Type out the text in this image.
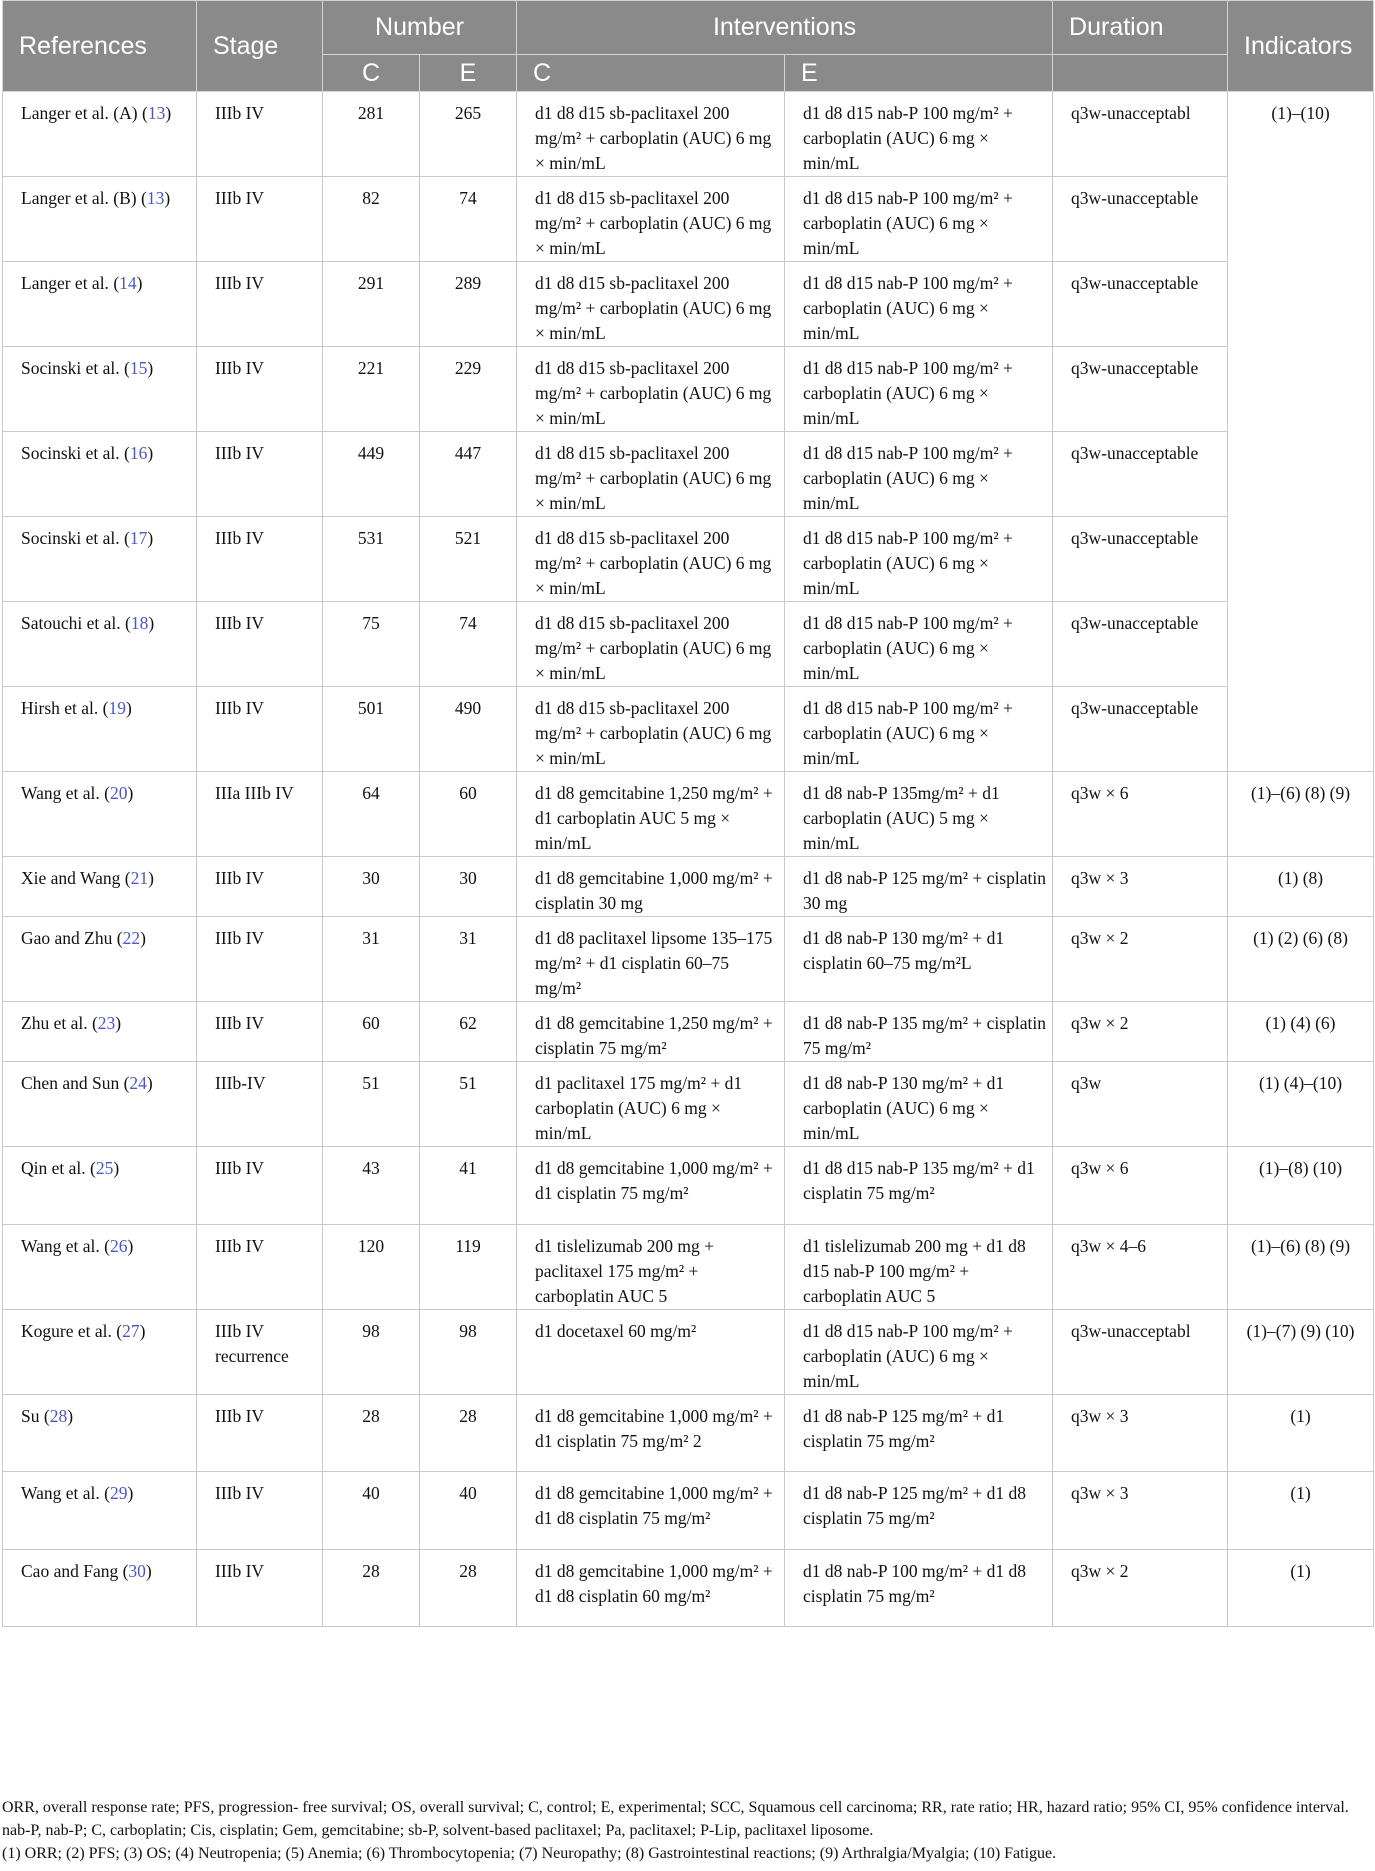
References	Stage	Number		Interventions		Duration	Indicators
		C	E	C	E		
Langer et al. (A) (13)	IIIb IV	281	265	d1 d8 d15 sb-paclitaxel 200 mg/m² + carboplatin (AUC) 6 mg × min/mL	d1 d8 d15 nab-P 100 mg/m² + carboplatin (AUC) 6 mg × min/mL	q3w-unacceptabl	(1)–(10)
Langer et al. (B) (13)	IIIb IV	82	74	d1 d8 d15 sb-paclitaxel 200 mg/m² + carboplatin (AUC) 6 mg × min/mL	d1 d8 d15 nab-P 100 mg/m² + carboplatin (AUC) 6 mg × min/mL	q3w-unacceptable	
Langer et al. (14)	IIIb IV	291	289	d1 d8 d15 sb-paclitaxel 200 mg/m² + carboplatin (AUC) 6 mg × min/mL	d1 d8 d15 nab-P 100 mg/m² + carboplatin (AUC) 6 mg × min/mL	q3w-unacceptable	
Socinski et al. (15)	IIIb IV	221	229	d1 d8 d15 sb-paclitaxel 200 mg/m² + carboplatin (AUC) 6 mg × min/mL	d1 d8 d15 nab-P 100 mg/m² + carboplatin (AUC) 6 mg × min/mL	q3w-unacceptable	
Socinski et al. (16)	IIIb IV	449	447	d1 d8 d15 sb-paclitaxel 200 mg/m² + carboplatin (AUC) 6 mg × min/mL	d1 d8 d15 nab-P 100 mg/m² + carboplatin (AUC) 6 mg × min/mL	q3w-unacceptable	
Socinski et al. (17)	IIIb IV	531	521	d1 d8 d15 sb-paclitaxel 200 mg/m² + carboplatin (AUC) 6 mg × min/mL	d1 d8 d15 nab-P 100 mg/m² + carboplatin (AUC) 6 mg × min/mL	q3w-unacceptable	
Satouchi et al. (18)	IIIb IV	75	74	d1 d8 d15 sb-paclitaxel 200 mg/m² + carboplatin (AUC) 6 mg × min/mL	d1 d8 d15 nab-P 100 mg/m² + carboplatin (AUC) 6 mg × min/mL	q3w-unacceptable	
Hirsh et al. (19)	IIIb IV	501	490	d1 d8 d15 sb-paclitaxel 200 mg/m² + carboplatin (AUC) 6 mg × min/mL	d1 d8 d15 nab-P 100 mg/m² + carboplatin (AUC) 6 mg × min/mL	q3w-unacceptable	
Wang et al. (20)	IIIa IIIb IV	64	60	d1 d8 gemcitabine 1,250 mg/m² + d1 carboplatin AUC 5 mg × min/mL	d1 d8 nab-P 135mg/m² + d1 carboplatin (AUC) 5 mg × min/mL	q3w × 6	(1)–(6) (8) (9)
Xie and Wang (21)	IIIb IV	30	30	d1 d8 gemcitabine 1,000 mg/m² + cisplatin 30 mg	d1 d8 nab-P 125 mg/m² + cisplatin 30 mg	q3w × 3	(1) (8)
Gao and Zhu (22)	IIIb IV	31	31	d1 d8 paclitaxel lipsome 135–175 mg/m² + d1 cisplatin 60–75 mg/m²	d1 d8 nab-P 130 mg/m² + d1 cisplatin 60–75 mg/m²L	q3w × 2	(1) (2) (6) (8)
Zhu et al. (23)	IIIb IV	60	62	d1 d8 gemcitabine 1,250 mg/m² + cisplatin 75 mg/m²	d1 d8 nab-P 135 mg/m² + cisplatin 75 mg/m²	q3w × 2	(1) (4) (6)
Chen and Sun (24)	IIIb-IV	51	51	d1 paclitaxel 175 mg/m² + d1 carboplatin (AUC) 6 mg × min/mL	d1 d8 nab-P 130 mg/m² + d1 carboplatin (AUC) 6 mg × min/mL	q3w	(1) (4)–(10)
Qin et al. (25)	IIIb IV	43	41	d1 d8 gemcitabine 1,000 mg/m² + d1 cisplatin 75 mg/m²	d1 d8 d15 nab-P 135 mg/m² + d1 cisplatin 75 mg/m²	q3w × 6	(1)–(8) (10)
Wang et al. (26)	IIIb IV	120	119	d1 tislelizumab 200 mg + paclitaxel 175 mg/m² + carboplatin AUC 5	d1 tislelizumab 200 mg + d1 d8 d15 nab-P 100 mg/m² + carboplatin AUC 5	q3w × 4–6	(1)–(6) (8) (9)
Kogure et al. (27)	IIIb IV recurrence	98	98	d1 docetaxel 60 mg/m²	d1 d8 d15 nab-P 100 mg/m² + carboplatin (AUC) 6 mg × min/mL	q3w-unacceptabl	(1)–(7) (9) (10)
Su (28)	IIIb IV	28	28	d1 d8 gemcitabine 1,000 mg/m² + d1 cisplatin 75 mg/m² 2	d1 d8 nab-P 125 mg/m² + d1 cisplatin 75 mg/m²	q3w × 3	(1)
Wang et al. (29)	IIIb IV	40	40	d1 d8 gemcitabine 1,000 mg/m² + d1 d8 cisplatin 75 mg/m²	d1 d8 nab-P 125 mg/m² + d1 d8 cisplatin 75 mg/m²	q3w × 3	(1)
Cao and Fang (30)	IIIb IV	28	28	d1 d8 gemcitabine 1,000 mg/m² + d1 d8 cisplatin 60 mg/m²	d1 d8 nab-P 100 mg/m² + d1 d8 cisplatin 75 mg/m²	q3w × 2	(1)

ORR, overall response rate; PFS, progression- free survival; OS, overall survival; C, control; E, experimental; SCC, Squamous cell carcinoma; RR, rate ratio; HR, hazard ratio; 95% CI, 95% confidence interval. nab-P, nab-P; C, carboplatin; Cis, cisplatin; Gem, gemcitabine; sb-P, solvent-based paclitaxel; Pa, paclitaxel; P-Lip, paclitaxel liposome.

(1) ORR; (2) PFS; (3) OS; (4) Neutropenia; (5) Anemia; (6) Thrombocytopenia; (7) Neuropathy; (8) Gastrointestinal reactions; (9) Arthralgia/Myalgia; (10) Fatigue.
